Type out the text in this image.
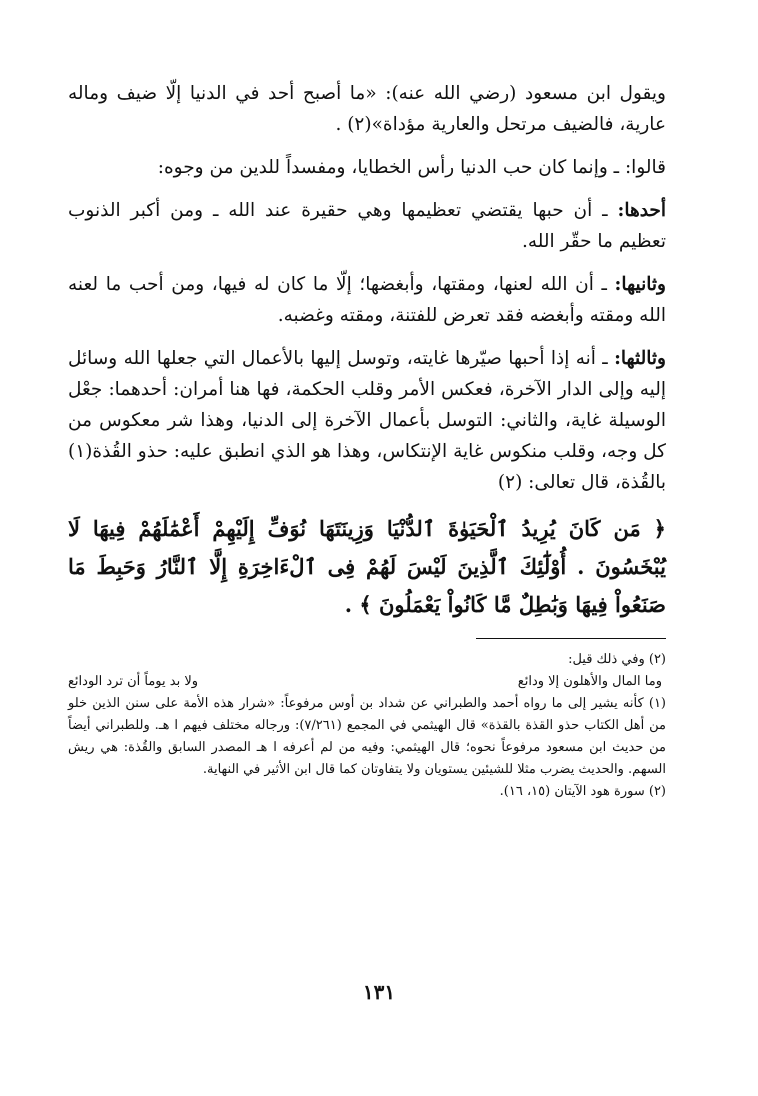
ويقول ابن مسعود (رضي الله عنه): «ما أصبح أحد في الدنيا إلّا ضيف وماله عارية، فالضيف مرتحل والعارية مؤداة»(٢) .

قالوا: ـ وإنما كان حب الدنيا رأس الخطايا، ومفسداً للدين من وجوه:

أحدها: ـ أن حبها يقتضي تعظيمها وهي حقيرة عند الله ـ ومن أكبر الذنوب تعظيم ما حقّر الله.

وثانيها: ـ أن الله لعنها، ومقتها، وأبغضها؛ إلّا ما كان له فيها، ومن أحب ما لعنه الله ومقته وأبغضه فقد تعرض للفتنة، ومقته وغضبه.

وثالثها: ـ أنه إذا أحبها صيّرها غايته، وتوسل إليها بالأعمال التي جعلها الله وسائل إليه وإلى الدار الآخرة، فعكس الأمر وقلب الحكمة، فها هنا أمران: أحدهما: جعْل الوسيلة غاية، والثاني: التوسل بأعمال الآخرة إلى الدنيا، وهذا شر معكوس من كل وجه، وقلب منكوس غاية الإنتكاس، وهذا هو الذي انطبق عليه: حذو القُذة(١) بالقُذة، قال تعالى: (٢)

﴿ مَن كَانَ يُرِيدُ ٱلْحَيَوٰةَ ٱلدُّنْيَا وَزِينَتَهَا نُوَفِّ إِلَيْهِمْ أَعْمَٰلَهُمْ فِيهَا لَا يُبْخَسُونَ . أُوْلَٰٓئِكَ ٱلَّذِينَ لَيْسَ لَهُمْ فِى ٱلْءَاخِرَةِ إِلَّا ٱلنَّارُ وَحَبِطَ مَا صَنَعُواْ فِيهَا وَبَٰطِلٌ مَّا كَانُواْ يَعْمَلُونَ ﴾ .

(٢) وفي ذلك قيل:

وما المال والأهلون إلا ودائع
ولا بد يوماً أن ترد الودائع

(١) كأنه يشير إلى ما رواه أحمد والطبراني عن شداد بن أوس مرفوعاً: «شرار هذه الأمة على سنن الذين خلو من أهل الكتاب حذو القذة بالقذة» قال الهيثمي في المجمع (٧/٢٦١): ورجاله مختلف فيهم ا هـ. وللطبراني أيضاً من حديث ابن مسعود مرفوعاً نحوه؛ قال الهيثمي: وفيه من لم أعرفه ا هـ المصدر السابق والقُذة: هي ريش السهم. والحديث يضرب مثلا للشيئين يستويان ولا يتفاوتان كما قال ابن الأثير في النهاية.

(٢) سورة هود الآيتان (١٥، ١٦).

١٣١
